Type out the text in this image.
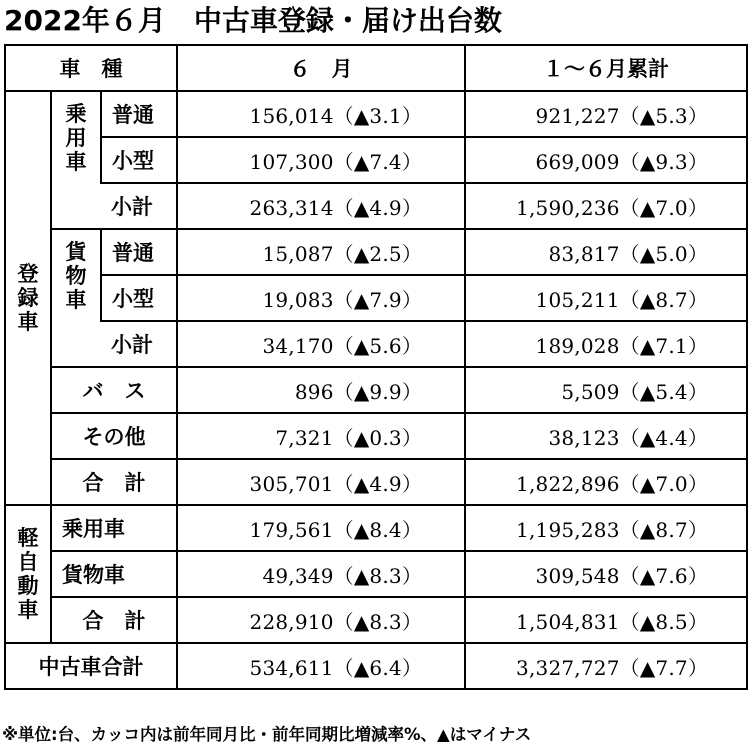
2022年６月　中古車登録・届け出台数
車　種			６　月	１～６月累計
登録車	乗用車	普通	156,014（▲3.1）	921,227（▲5.3）
		小型	107,300（▲7.4）	669,009（▲9.3）
		小計	263,314（▲4.9）	1,590,236（▲7.0）
	貨物車	普通	15,087（▲2.5）	83,817（▲5.0）
		小型	19,083（▲7.9）	105,211（▲8.7）
		小計	34,170（▲5.6）	189,028（▲7.1）
	バ　ス		896（▲9.9）	5,509（▲5.4）
	その他		7,321（▲0.3）	38,123（▲4.4）
	合　計		305,701（▲4.9）	1,822,896（▲7.0）
軽自動車	乗用車		179,561（▲8.4）	1,195,283（▲8.7）
	貨物車		49,349（▲8.3）	309,548（▲7.6）
	合　計		228,910（▲8.3）	1,504,831（▲8.5）
中古車合計			534,611（▲6.4）	3,327,727（▲7.7）
※単位:台、カッコ内は前年同月比・前年同期比増減率%、▲はマイナス
